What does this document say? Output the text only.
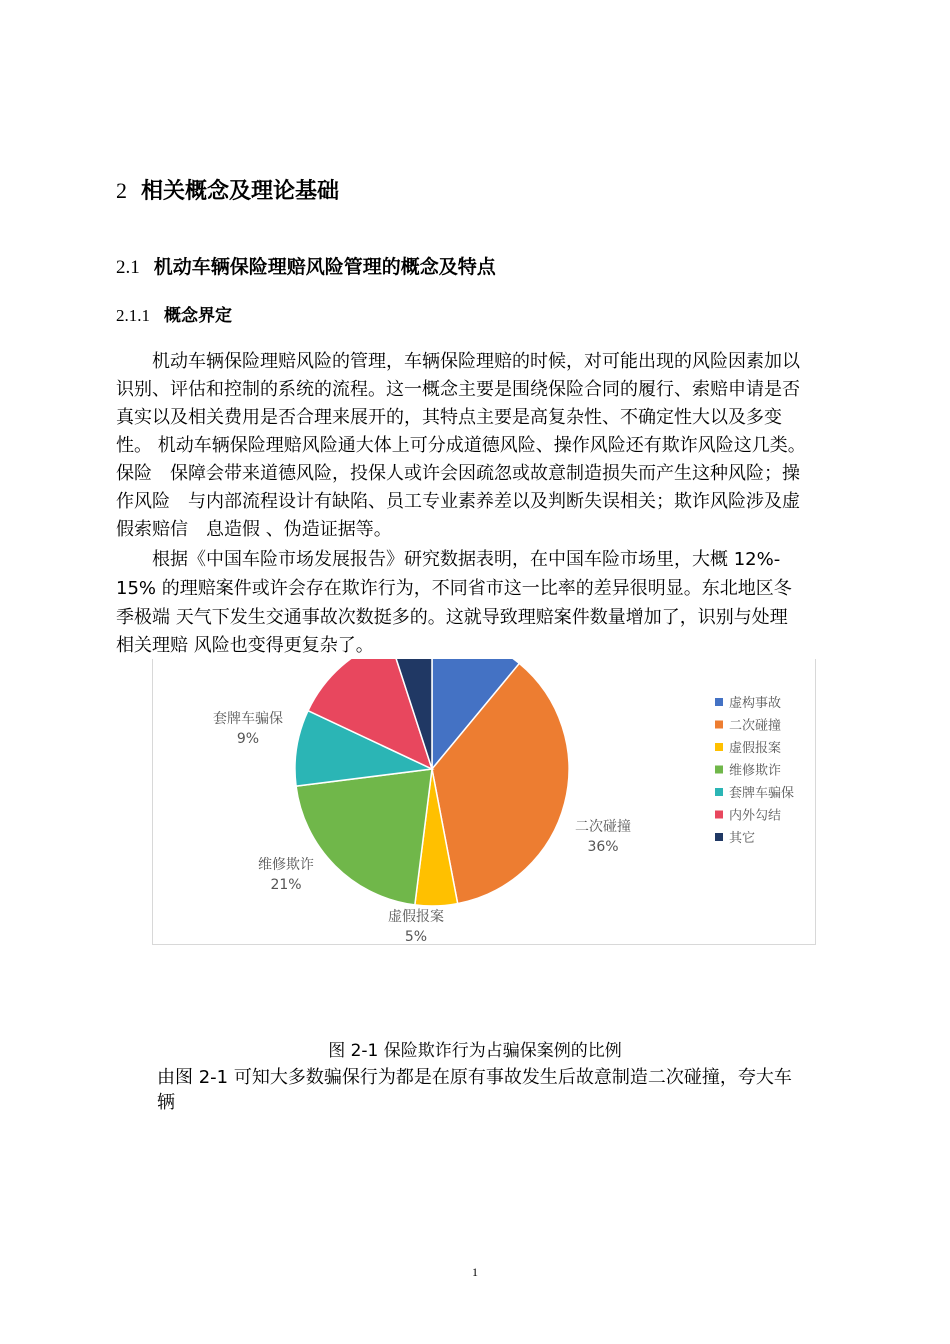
2 相关概念及理论基础
2.1 机动车辆保险理赔风险管理的概念及特点
2.1.1 概念界定
　　机动车辆保险理赔风险的管理，车辆保险理赔的时候，对可能出现的风险因素加以
识别、评估和控制的系统的流程。这一概念主要是围绕保险合同的履行、索赔申请是否
真实以及相关费用是否合理来展开的，其特点主要是高复杂性、不确定性大以及多变
性。 机动车辆保险理赔风险通大体上可分成道德风险、操作风险还有欺诈风险这几类。
保险　保障会带来道德风险，投保人或许会因疏忽或故意制造损失而产生这种风险；操
作风险　与内部流程设计有缺陷、员工专业素养差以及判断失误相关；欺诈风险涉及虚
假索赔信　息造假 、伪造证据等。
　　根据《中国车险市场发展报告》研究数据表明，在中国车险市场里，大概 12%-
15% 的理赔案件或许会存在欺诈行为，不同省市这一比率的差异很明显。东北地区冬
季极端 天气下发生交通事故次数挺多的。这就导致理赔案件数量增加了，识别与处理
相关理赔 风险也变得更复杂了。
二次碰撞
36%
虚假报案
5%
维修欺诈
21%
套牌车骗保
9%
虚构事故
二次碰撞
虚假报案
维修欺诈
套牌车骗保
内外勾结
其它
图 2-1 保险欺诈行为占骗保案例的比例
由图 2-1 可知大多数骗保行为都是在原有事故发生后故意制造二次碰撞，夸大车
辆
1
